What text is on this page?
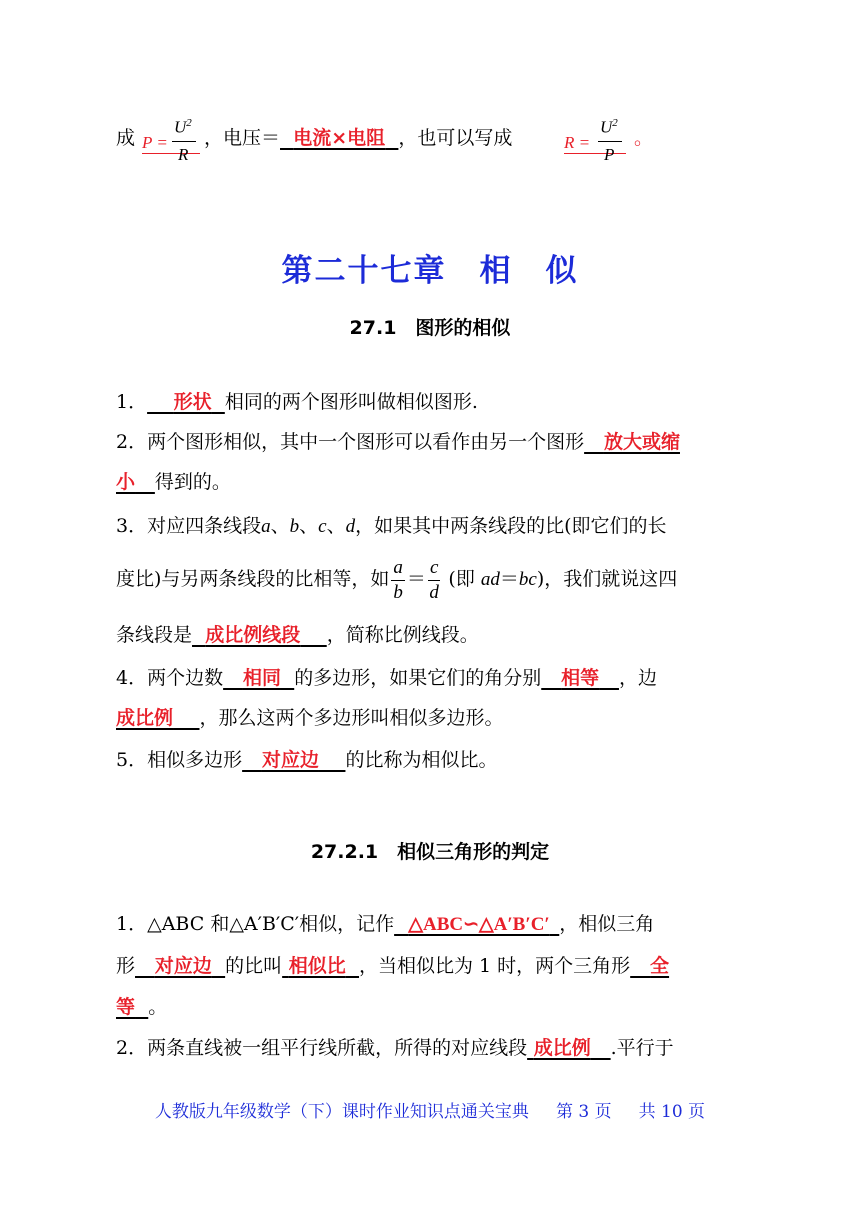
成 P =
$U^2$
R
，电压＝ 电流×电阻 ，也可以写成	R =
$U^2$
P
。
第二十七章　相　似
27.1　图形的相似
1． 形状 相同的两个图形叫做相似图形.
2．两个图形相似，其中一个图形可以看作由另一个图形 放大或缩
小 得到的。
3．对应四条线段a、b、c、d，如果其中两条线段的比(即它们的长
度比)与另两条线段的比相等，如 $\frac{a}{b} = \frac{c}{d}$ (即 ad＝bc)，我们就说这四
条线段是 成比例线段 ，简称比例线段。
4．两个边数 相同 的多边形，如果它们的角分别 相等 ，边
成比例 ，那么这两个多边形叫相似多边形。
5．相似多边形 对应边 的比称为相似比。
27.2.1　相似三角形的判定
1．△ABC 和△A′B′C′相似，记作 △ABC∽△A′B′C′ ，相似三角
形 对应边 的比叫 相似比 ，当相似比为 1 时，两个三角形 全
等 。
2．两条直线被一组平行线所截，所得的对应线段 成比例 .平行于
人教版九年级数学（下）课时作业知识点通关宝典 第 3 页 共 10 页
